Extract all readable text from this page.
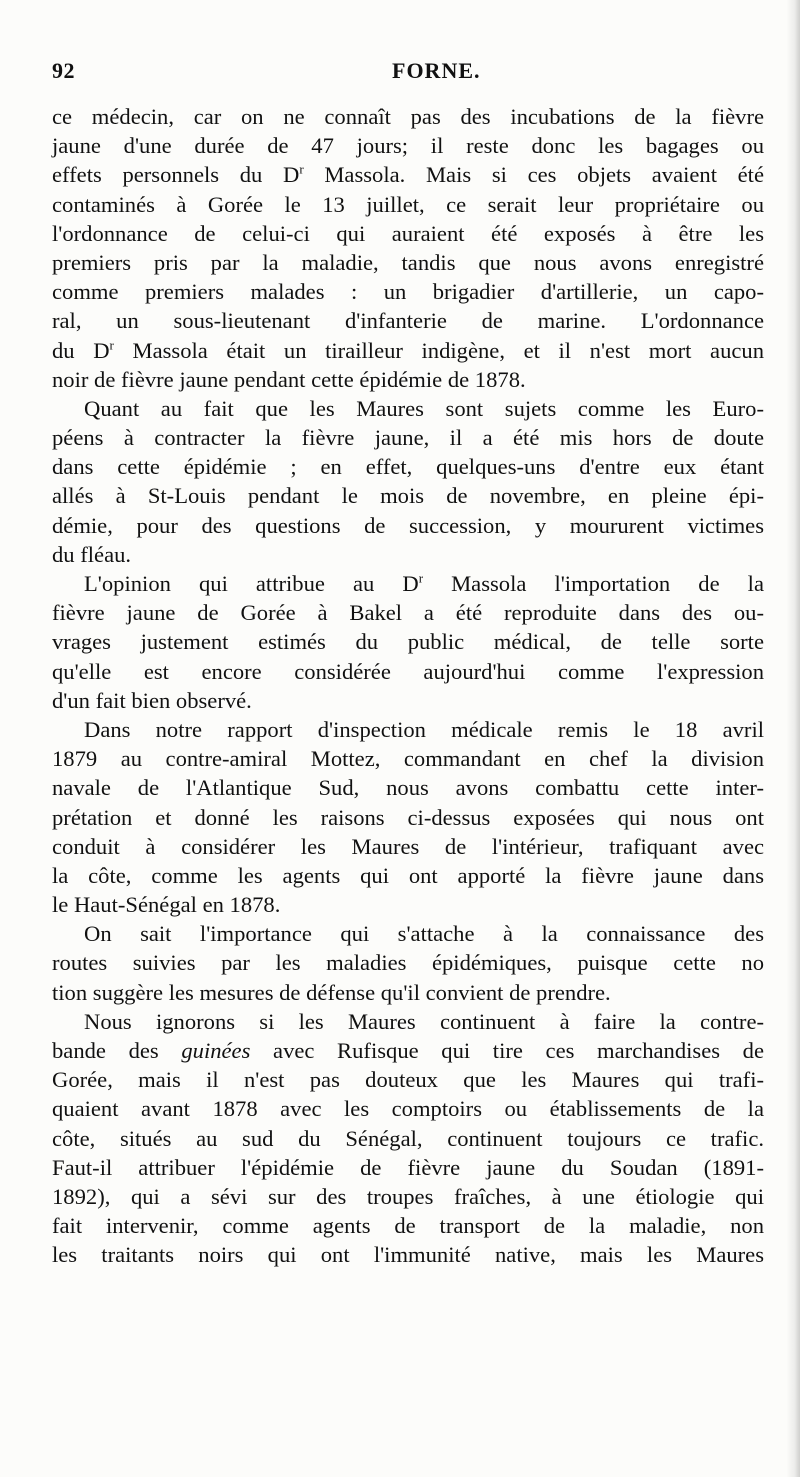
92	FORNE.
ce médecin, car on ne connaît pas des incubations de la fièvre
jaune d'une durée de 47 jours; il reste donc les bagages ou
effets personnels du $D^r$ Massola. Mais si ces objets avaient été
contaminés à Gorée le 13 juillet, ce serait leur propriétaire ou
l'ordonnance de celui-ci qui auraient été exposés à être les
premiers pris par la maladie, tandis que nous avons enregistré
comme premiers malades : un brigadier d'artillerie, un capo-
ral, un sous-lieutenant d'infanterie de marine. L'ordonnance
du $D^r$ Massola était un tirailleur indigène, et il n'est mort aucun
noir de fièvre jaune pendant cette épidémie de 1878.
Quant au fait que les Maures sont sujets comme les Euro-
péens à contracter la fièvre jaune, il a été mis hors de doute
dans cette épidémie ; en effet, quelques-uns d'entre eux étant
allés à St-Louis pendant le mois de novembre, en pleine épi-
démie, pour des questions de succession, y moururent victimes
du fléau.
L'opinion qui attribue au $D^r$ Massola l'importation de la
fièvre jaune de Gorée à Bakel a été reproduite dans des ou-
vrages justement estimés du public médical, de telle sorte
qu'elle est encore considérée aujourd'hui comme l'expression
d'un fait bien observé.
Dans notre rapport d'inspection médicale remis le 18 avril
1879 au contre-amiral Mottez, commandant en chef la division
navale de l'Atlantique Sud, nous avons combattu cette inter-
prétation et donné les raisons ci-dessus exposées qui nous ont
conduit à considérer les Maures de l'intérieur, trafiquant avec
la côte, comme les agents qui ont apporté la fièvre jaune dans
le Haut-Sénégal en 1878.
On sait l'importance qui s'attache à la connaissance des
routes suivies par les maladies épidémiques, puisque cette no
tion suggère les mesures de défense qu'il convient de prendre.
Nous ignorons si les Maures continuent à faire la contre-
bande des guinées avec Rufisque qui tire ces marchandises de
Gorée, mais il n'est pas douteux que les Maures qui trafi-
quaient avant 1878 avec les comptoirs ou établissements de la
côte, situés au sud du Sénégal, continuent toujours ce trafic.
Faut-il attribuer l'épidémie de fièvre jaune du Soudan (1891-
1892), qui a sévi sur des troupes fraîches, à une étiologie qui
fait intervenir, comme agents de transport de la maladie, non
les traitants noirs qui ont l'immunité native, mais les Maures
